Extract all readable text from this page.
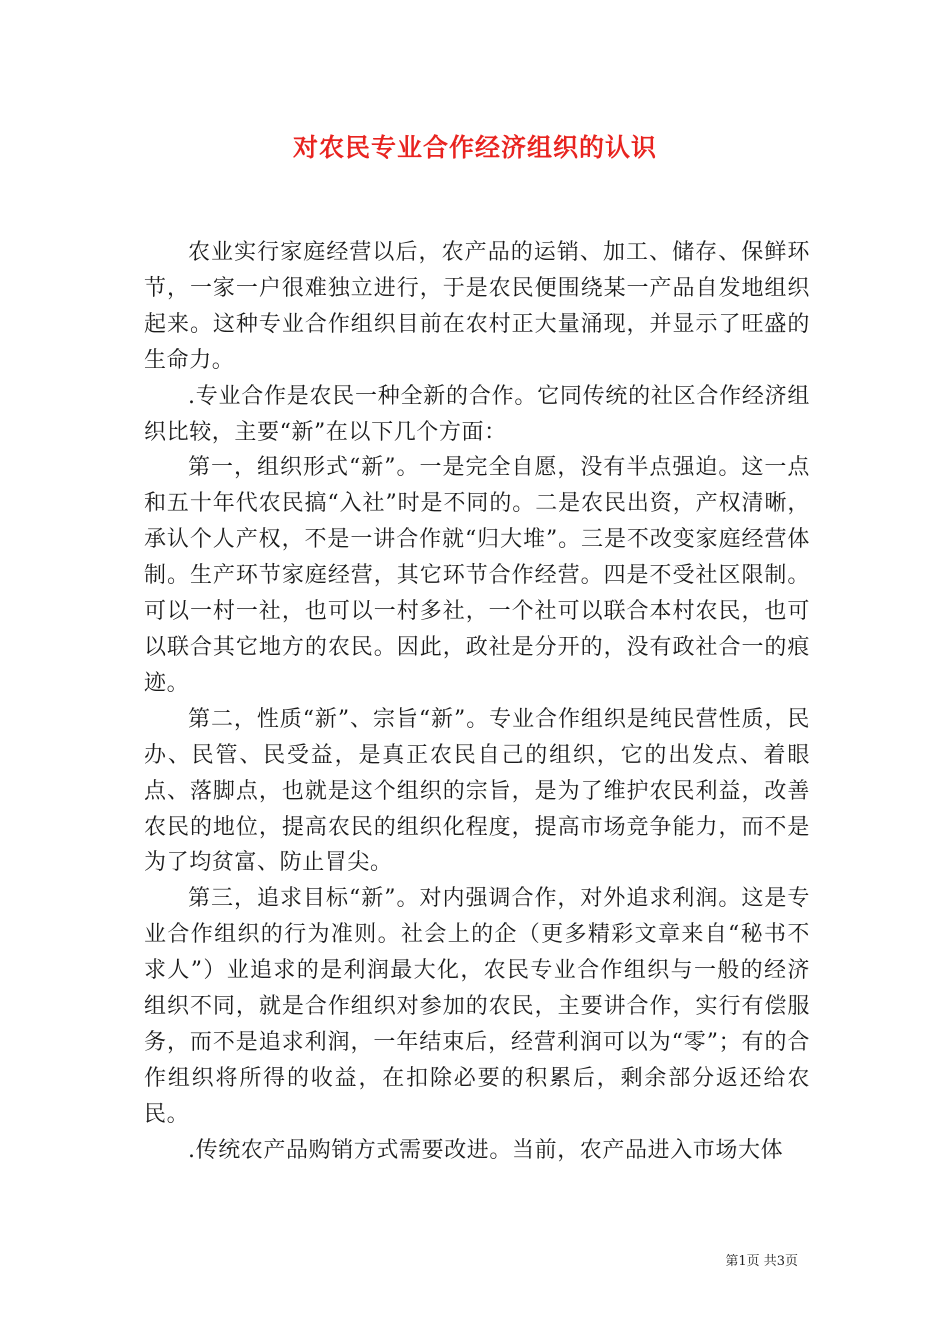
对农民专业合作经济组织的认识

农业实行家庭经营以后，农产品的运销、加工、储存、保鲜环节，一家一户很难独立进行，于是农民便围绕某一产品自发地组织起来。这种专业合作组织目前在农村正大量涌现，并显示了旺盛的生命力。

.专业合作是农民一种全新的合作。它同传统的社区合作经济组织比较，主要“新”在以下几个方面：

第一，组织形式“新”。一是完全自愿，没有半点强迫。这一点和五十年代农民搞“入社”时是不同的。二是农民出资，产权清晰，承认个人产权，不是一讲合作就“归大堆”。三是不改变家庭经营体制。生产环节家庭经营，其它环节合作经营。四是不受社区限制。可以一村一社，也可以一村多社，一个社可以联合本村农民，也可以联合其它地方的农民。因此，政社是分开的，没有政社合一的痕迹。

第二，性质“新”、宗旨“新”。专业合作组织是纯民营性质，民办、民管、民受益，是真正农民自己的组织，它的出发点、着眼点、落脚点，也就是这个组织的宗旨，是为了维护农民利益，改善农民的地位，提高农民的组织化程度，提高市场竞争能力，而不是为了均贫富、防止冒尖。

第三，追求目标“新”。对内强调合作，对外追求利润。这是专业合作组织的行为准则。社会上的企（更多精彩文章来自“秘书不求人”）业追求的是利润最大化，农民专业合作组织与一般的经济组织不同，就是合作组织对参加的农民，主要讲合作，实行有偿服务，而不是追求利润，一年结束后，经营利润可以为“零”；有的合作组织将所得的收益，在扣除必要的积累后，剩余部分返还给农民。

.传统农产品购销方式需要改进。当前，农产品进入市场大体

第1页 共3页
